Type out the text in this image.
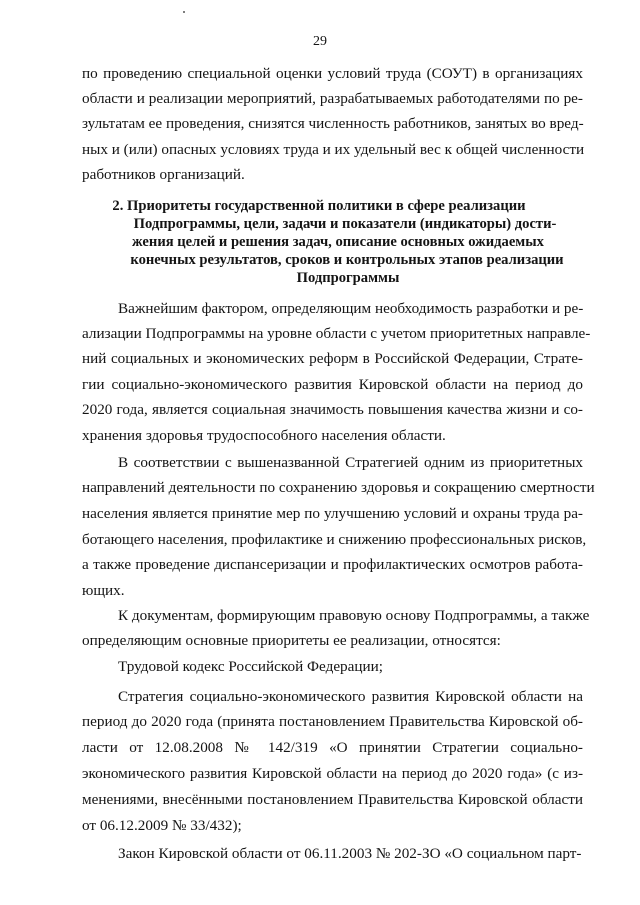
29
по проведению специальной оценки условий труда (СОУТ) в организациях
области и реализации мероприятий, разрабатываемых работодателями по ре-
зультатам ее проведения, снизятся численность работников, занятых во вред-
ных и (или) опасных условиях труда и их удельный вес к общей численности
работников организаций.
Важнейшим фактором, определяющим необходимость разработки и ре-
ализации Подпрограммы на уровне области с учетом приоритетных направле-
ний социальных и экономических реформ в Российской Федерации, Страте-
гии социально-экономического развития Кировской области на период до
2020 года, является социальная значимость повышения качества жизни и со-
хранения здоровья трудоспособного населения области.
В соответствии с вышеназванной Стратегией одним из приоритетных
направлений деятельности по сохранению здоровья и сокращению смертности
населения является принятие мер по улучшению условий и охраны труда ра-
ботающего населения, профилактике и снижению профессиональных рисков,
а также проведение диспансеризации и профилактических осмотров работа-
ющих.
К документам, формирующим правовую основу Подпрограммы, а также
определяющим основные приоритеты ее реализации, относятся:
Трудовой кодекс Российской Федерации;
Стратегия социально-экономического развития Кировской области на
период до 2020 года (принята постановлением Правительства Кировской об-
ласти от 12.08.2008 № 142/319 «О принятии Стратегии социально-
экономического развития Кировской области на период до 2020 года» (с из-
менениями, внесёнными постановлением Правительства Кировской области
от 06.12.2009 № 33/432);
Закон Кировской области от 06.11.2003 № 202-ЗО «О социальном парт-
2. Приоритеты государственной политики в сфере реализации
Подпрограммы, цели, задачи и показатели (индикаторы) дости-
жения целей и решения задач, описание основных ожидаемых
конечных результатов, сроков и контрольных этапов реализации
Подпрограммы
